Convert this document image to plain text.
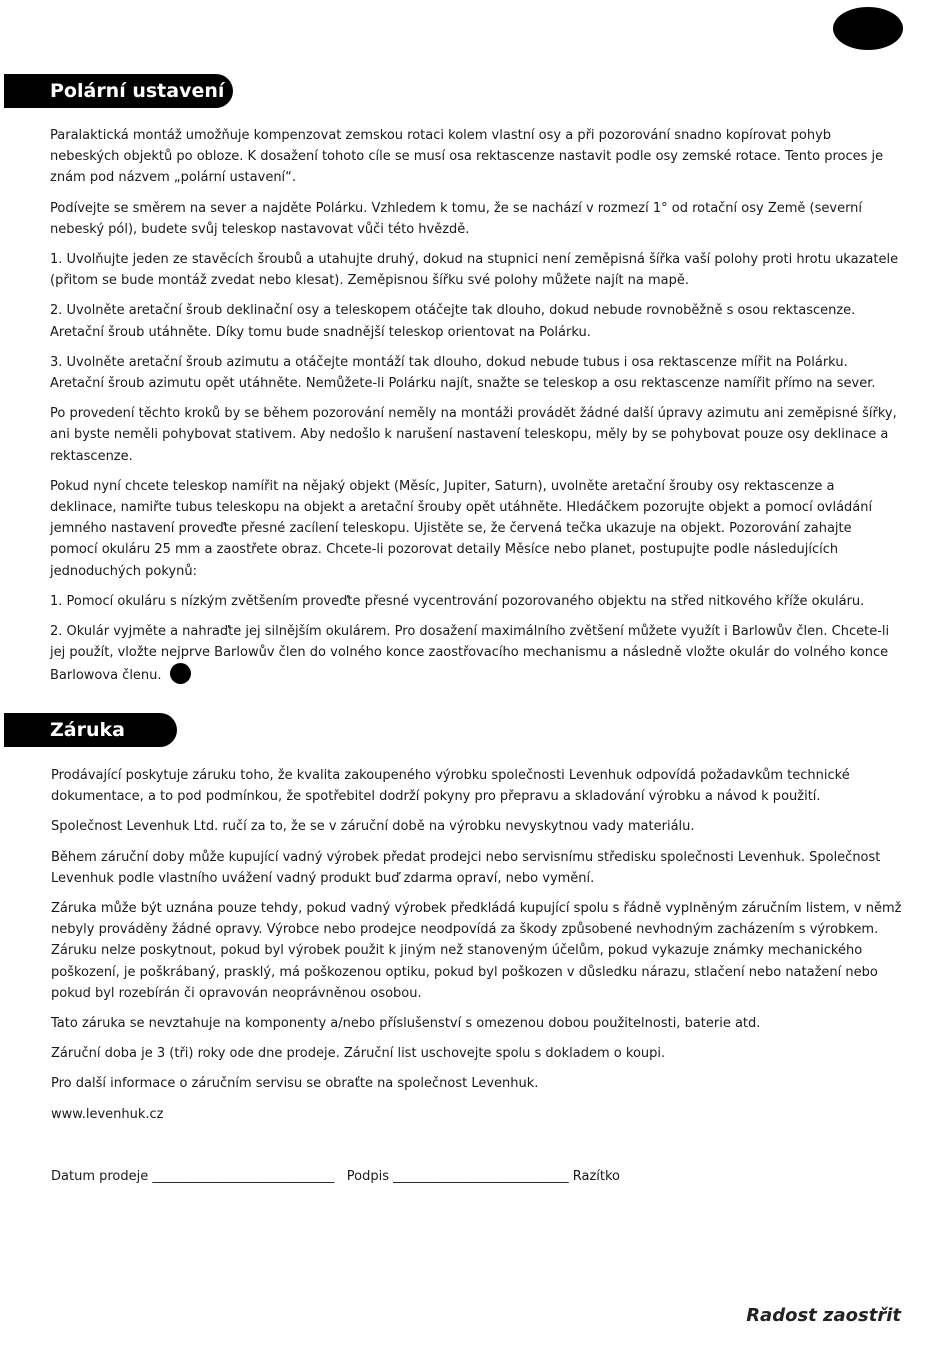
Polární ustavení

Paralaktická montáž umožňuje kompenzovat zemskou rotaci kolem vlastní osy a při pozorování snadno kopírovat pohyb nebeských objektů po obloze. K dosažení tohoto cíle se musí osa rektascenze nastavit podle osy zemské rotace. Tento proces je znám pod názvem „polární ustavení“.

Podívejte se směrem na sever a najděte Polárku. Vzhledem k tomu, že se nachází v rozmezí 1° od rotační osy Země (severní nebeský pól), budete svůj teleskop nastavovat vůči této hvězdě.

1. Uvolňujte jeden ze stavěcích šroubů a utahujte druhý, dokud na stupnici není zeměpisná šířka vaší polohy proti hrotu ukazatele (přitom se bude montáž zvedat nebo klesat). Zeměpisnou šířku své polohy můžete najít na mapě.

2. Uvolněte aretační šroub deklinační osy a teleskopem otáčejte tak dlouho, dokud nebude rovnoběžně s osou rektascenze. Aretační šroub utáhněte. Díky tomu bude snadnější teleskop orientovat na Polárku.

3. Uvolněte aretační šroub azimutu a otáčejte montáží tak dlouho, dokud nebude tubus i osa rektascenze mířit na Polárku. Aretační šroub azimutu opět utáhněte. Nemůžete-li Polárku najít, snažte se teleskop a osu rektascenze namířit přímo na sever.

Po provedení těchto kroků by se během pozorování neměly na montáži provádět žádné další úpravy azimutu ani zeměpisné šířky, ani byste neměli pohybovat stativem. Aby nedošlo k narušení nastavení teleskopu, měly by se pohybovat pouze osy deklinace a rektascenze.

Pokud nyní chcete teleskop namířit na nějaký objekt (Měsíc, Jupiter, Saturn), uvolněte aretační šrouby osy rektascenze a deklinace, namiřte tubus teleskopu na objekt a aretační šrouby opět utáhněte. Hledáčkem pozorujte objekt a pomocí ovládání jemného nastavení proveďte přesné zacílení teleskopu. Ujistěte se, že červená tečka ukazuje na objekt. Pozorování zahajte pomocí okuláru 25 mm a zaostřete obraz. Chcete-li pozorovat detaily Měsíce nebo planet, postupujte podle následujících jednoduchých pokynů:

1. Pomocí okuláru s nízkým zvětšením proveďte přesné vycentrování pozorovaného objektu na střed nitkového kříže okuláru.

2. Okulár vyjměte a nahraďte jej silnějším okulárem. Pro dosažení maximálního zvětšení můžete využít i Barlowův člen. Chcete-li jej použít, vložte nejprve Barlowův člen do volného konce zaostřovacího mechanismu a následně vložte okulár do volného konce Barlowova členu.

Záruka

Prodávající poskytuje záruku toho, že kvalita zakoupeného výrobku společnosti Levenhuk odpovídá požadavkům technické dokumentace, a to pod podmínkou, že spotřebitel dodrží pokyny pro přepravu a skladování výrobku a návod k použití.

Společnost Levenhuk Ltd. ručí za to, že se v záruční době na výrobku nevyskytnou vady materiálu.

Během záruční doby může kupující vadný výrobek předat prodejci nebo servisnímu středisku společnosti Levenhuk. Společnost Levenhuk podle vlastního uvážení vadný produkt buď zdarma opraví, nebo vymění.

Záruka může být uznána pouze tehdy, pokud vadný výrobek předkládá kupující spolu s řádně vyplněným záručním listem, v němž nebyly prováděny žádné opravy. Výrobce nebo prodejce neodpovídá za škody způsobené nevhodným zacházením s výrobkem. Záruku nelze poskytnout, pokud byl výrobek použit k jiným než stanoveným účelům, pokud vykazuje známky mechanického poškození, je poškrábaný, prasklý, má poškozenou optiku, pokud byl poškozen v důsledku nárazu, stlačení nebo natažení nebo pokud byl rozebírán či opravován neoprávněnou osobou.

Tato záruka se nevztahuje na komponenty a/nebo příslušenství s omezenou dobou použitelnosti, baterie atd.

Záruční doba je 3 (tři) roky ode dne prodeje. Záruční list uschovejte spolu s dokladem o koupi.

Pro další informace o záručním servisu se obraťte na společnost Levenhuk.

www.levenhuk.cz

Datum prodeje ____________________________   Podpis ___________________________ Razítko
Radost zaostřit
